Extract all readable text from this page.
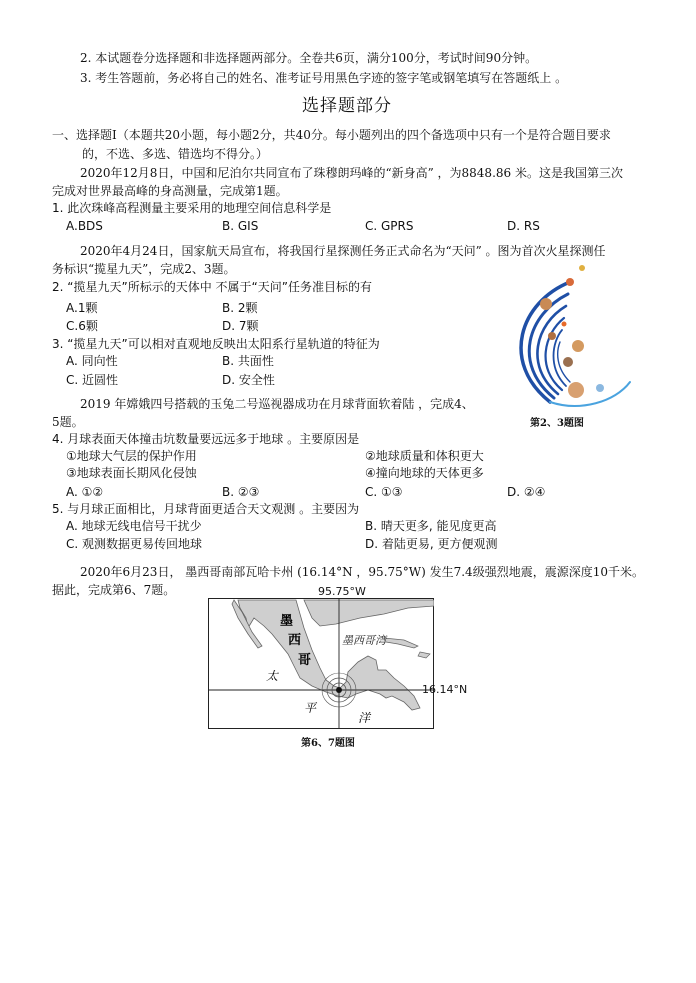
2. 本试题卷分选择题和非选择题两部分。全卷共6页，满分100分，考试时间90分钟。
3. 考生答题前，务必将自己的姓名、准考证号用黑色字迹的签字笔或钢笔填写在答题纸上 。
选择题部分
一、选择题Ⅰ（本题共20小题，每小题2分，共40分。每小题列出的四个备选项中只有一个是符合题目要求
的，不选、多选、错选均不得分。）
2020年12月8日，中国和尼泊尔共同宣布了珠穆朗玛峰的“新身高” ，为8848.86 米。这是我国第三次
完成对世界最高峰的身高测量，完成第1题。
1. 此次珠峰高程测量主要采用的地理空间信息科学是
A.BDS	B. GIS	C. GPRS	D. RS
2020年4月24日，国家航天局宣布，将我国行星探测任务正式命名为“天问” 。图为首次火星探测任
务标识“揽星九天”，完成2、3题。
2. “揽星九天”所标示的天体中 不属于“天问”任务准目标的有
A.1颗	B. 2颗
C.6颗	D. 7颗
3. “揽星九天”可以相对直观地反映出太阳系行星轨道的特征为
A. 同向性	B. 共面性
C. 近圆性	D. 安全性
第2、3题图
2019 年嫦娥四号搭载的玉兔二号巡视器成功在月球背面软着陆 ，完成4、
5题。
4. 月球表面天体撞击坑数量要远远多于地球 。主要原因是
①地球大气层的保护作用	②地球质量和体积更大
③地球表面长期风化侵蚀	④撞向地球的天体更多
A. ①②	B. ②③	C. ①③	D. ②④
5. 与月球正面相比，月球背面更适合天文观测 。主要因为
A. 地球无线电信号干扰少	B. 晴天更多, 能见度更高
C. 观测数据更易传回地球	D. 着陆更易, 更方便观测
2020年6月23日， 墨西哥南部瓦哈卡州 (16.14°N ，95.75°W) 发生7.4级强烈地震，震源深度10千米。
据此，完成第6、7题。	95.75°W
墨西哥湾
墨
西
哥
太
平
洋
16.14°N
第6、7题图
